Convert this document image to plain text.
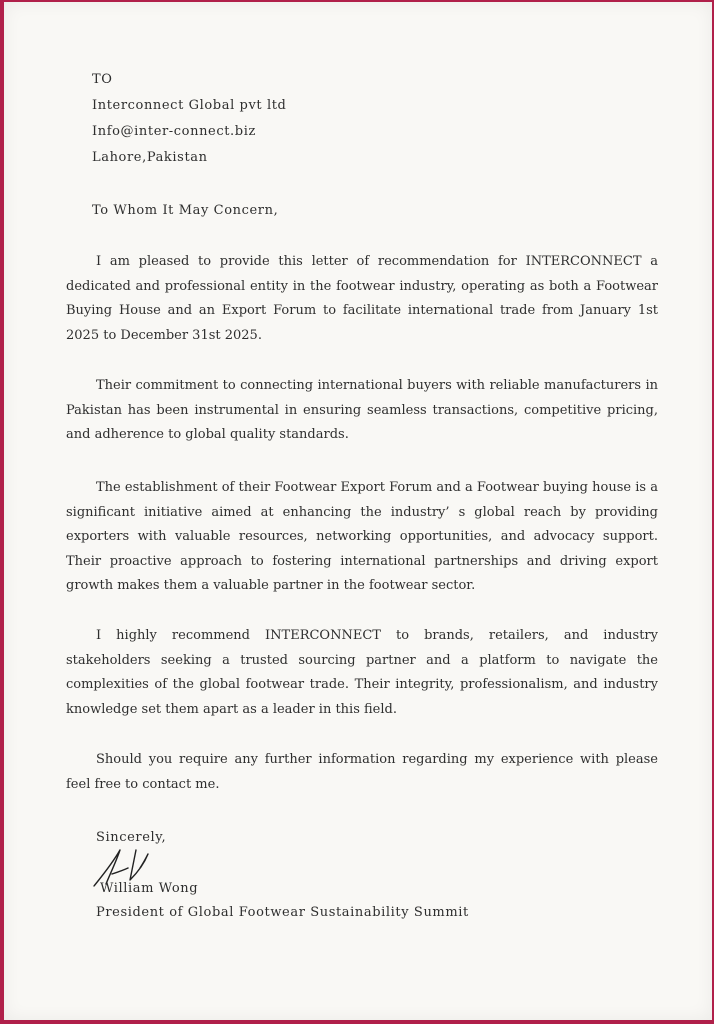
TO
Interconnect Global pvt ltd
Info@inter-connect.biz
Lahore,Pakistan
To Whom It May Concern,
I am pleased to provide this letter of recommendation for INTERCONNECT a dedicated and professional entity in the footwear industry, operating as both a Footwear Buying House and an Export Forum to facilitate international trade from January 1st 2025 to December 31st 2025.
Their commitment to connecting international buyers with reliable manufacturers in Pakistan has been instrumental in ensuring seamless transactions, competitive pricing, and adherence to global quality standards.
The establishment of their Footwear Export Forum and a Footwear buying house is a significant initiative aimed at enhancing the industry’ s global reach by providing exporters with valuable resources, networking opportunities, and advocacy support. Their proactive approach to fostering international partnerships and driving export growth makes them a valuable partner in the footwear sector.
I highly recommend INTERCONNECT to brands, retailers, and industry stakeholders seeking a trusted sourcing partner and a platform to navigate the complexities of the global footwear trade. Their integrity, professionalism, and industry knowledge set them apart as a leader in this field.
Should you require any further information regarding my experience with please feel free to contact me.
Sincerely,
William Wong
President of Global Footwear Sustainability Summit
